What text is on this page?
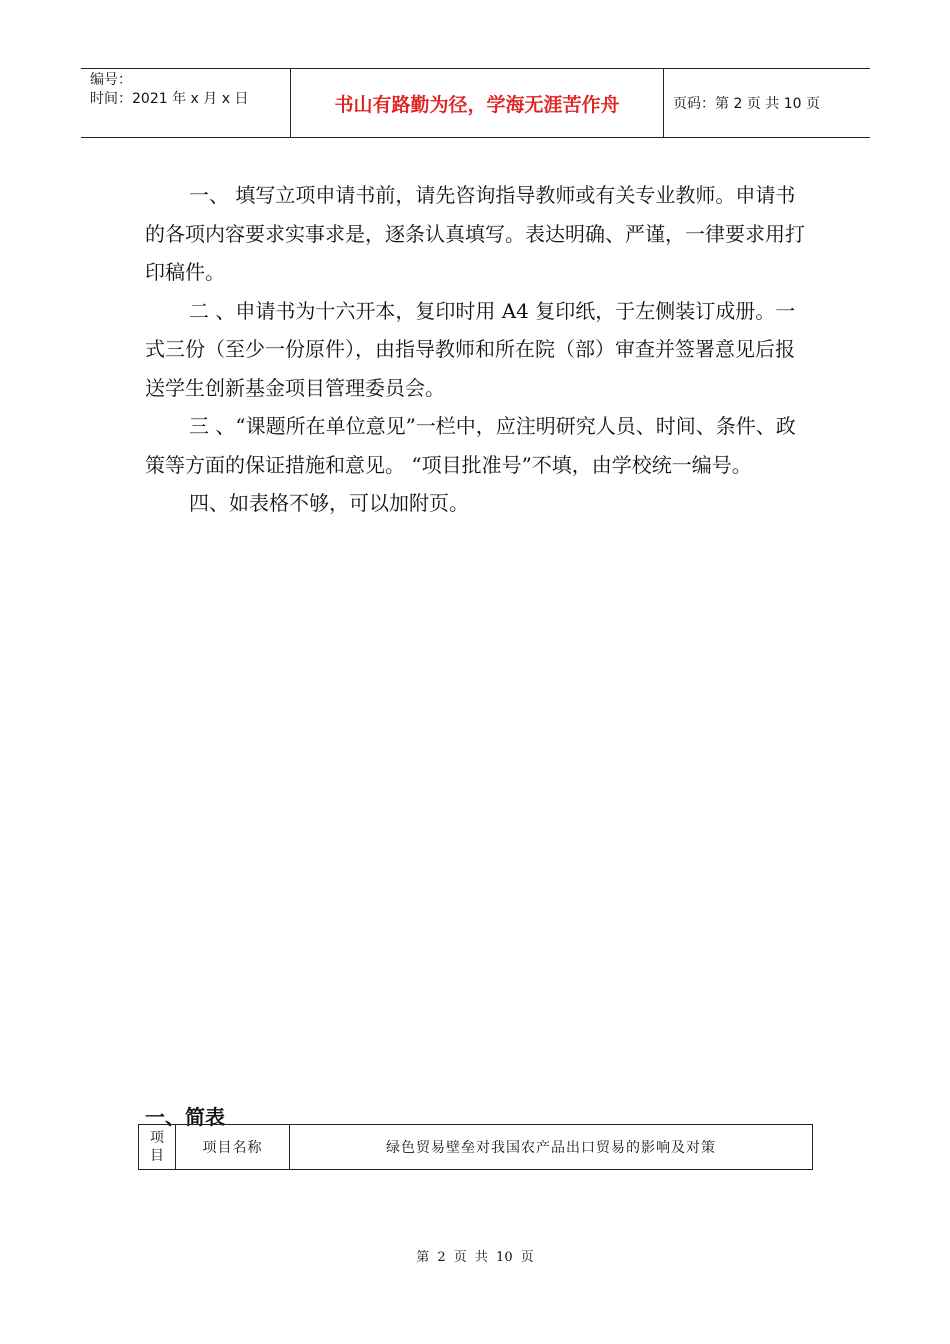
编号：
时间：2021 年 x 月 x 日	书山有路勤为径，学海无涯苦作舟	页码：第 2 页 共 10 页

一、 填写立项申请书前，请先咨询指导教师或有关专业教师。申请书的各项内容要求实事求是，逐条认真填写。表达明确、严谨，一律要求用打印稿件。

二 、申请书为十六开本，复印时用 A4 复印纸，于左侧装订成册。一式三份（至少一份原件），由指导教师和所在院（部）审查并签署意见后报送学生创新基金项目管理委员会。

三 、“课题所在单位意见”一栏中，应注明研究人员、时间、条件、政策等方面的保证措施和意见。 “项目批准号”不填，由学校统一编号。

四、如表格不够，可以加附页。

一、简表
项
目	项目名称	绿色贸易壁垒对我国农产品出口贸易的影响及对策
第 2 页 共 10 页
